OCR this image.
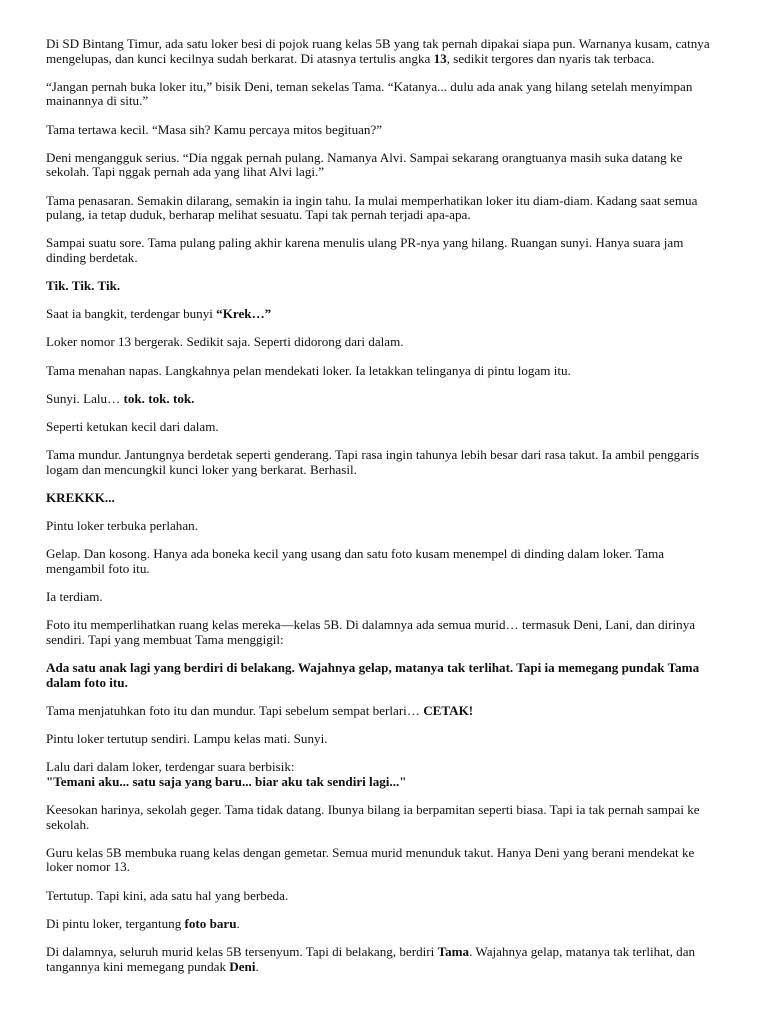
Di SD Bintang Timur, ada satu loker besi di pojok ruang kelas 5B yang tak pernah dipakai siapa pun. Warnanya kusam, catnya mengelupas, dan kunci kecilnya sudah berkarat. Di atasnya tertulis angka 13, sedikit tergores dan nyaris tak terbaca.

“Jangan pernah buka loker itu,” bisik Deni, teman sekelas Tama. “Katanya... dulu ada anak yang hilang setelah menyimpan mainannya di situ.”

Tama tertawa kecil. “Masa sih? Kamu percaya mitos begituan?”

Deni mengangguk serius. “Dia nggak pernah pulang. Namanya Alvi. Sampai sekarang orangtuanya masih suka datang ke sekolah. Tapi nggak pernah ada yang lihat Alvi lagi.”

Tama penasaran. Semakin dilarang, semakin ia ingin tahu. Ia mulai memperhatikan loker itu diam-diam. Kadang saat semua pulang, ia tetap duduk, berharap melihat sesuatu. Tapi tak pernah terjadi apa-apa.

Sampai suatu sore. Tama pulang paling akhir karena menulis ulang PR-nya yang hilang. Ruangan sunyi. Hanya suara jam dinding berdetak.

Tik. Tik. Tik.

Saat ia bangkit, terdengar bunyi “Krek…”

Loker nomor 13 bergerak. Sedikit saja. Seperti didorong dari dalam.

Tama menahan napas. Langkahnya pelan mendekati loker. Ia letakkan telinganya di pintu logam itu.

Sunyi. Lalu… tok. tok. tok.

Seperti ketukan kecil dari dalam.

Tama mundur. Jantungnya berdetak seperti genderang. Tapi rasa ingin tahunya lebih besar dari rasa takut. Ia ambil penggaris logam dan mencungkil kunci loker yang berkarat. Berhasil.

KREKKK...

Pintu loker terbuka perlahan.

Gelap. Dan kosong. Hanya ada boneka kecil yang usang dan satu foto kusam menempel di dinding dalam loker. Tama mengambil foto itu.

Ia terdiam.

Foto itu memperlihatkan ruang kelas mereka—kelas 5B. Di dalamnya ada semua murid… termasuk Deni, Lani, dan dirinya sendiri. Tapi yang membuat Tama menggigil:

Ada satu anak lagi yang berdiri di belakang. Wajahnya gelap, matanya tak terlihat. Tapi ia memegang pundak Tama dalam foto itu.

Tama menjatuhkan foto itu dan mundur. Tapi sebelum sempat berlari… CETAK!

Pintu loker tertutup sendiri. Lampu kelas mati. Sunyi.

Lalu dari dalam loker, terdengar suara berbisik:
"Temani aku... satu saja yang baru... biar aku tak sendiri lagi..."

Keesokan harinya, sekolah geger. Tama tidak datang. Ibunya bilang ia berpamitan seperti biasa. Tapi ia tak pernah sampai ke sekolah.

Guru kelas 5B membuka ruang kelas dengan gemetar. Semua murid menunduk takut. Hanya Deni yang berani mendekat ke loker nomor 13.

Tertutup. Tapi kini, ada satu hal yang berbeda.

Di pintu loker, tergantung foto baru.

Di dalamnya, seluruh murid kelas 5B tersenyum. Tapi di belakang, berdiri Tama. Wajahnya gelap, matanya tak terlihat, dan tangannya kini memegang pundak Deni.
